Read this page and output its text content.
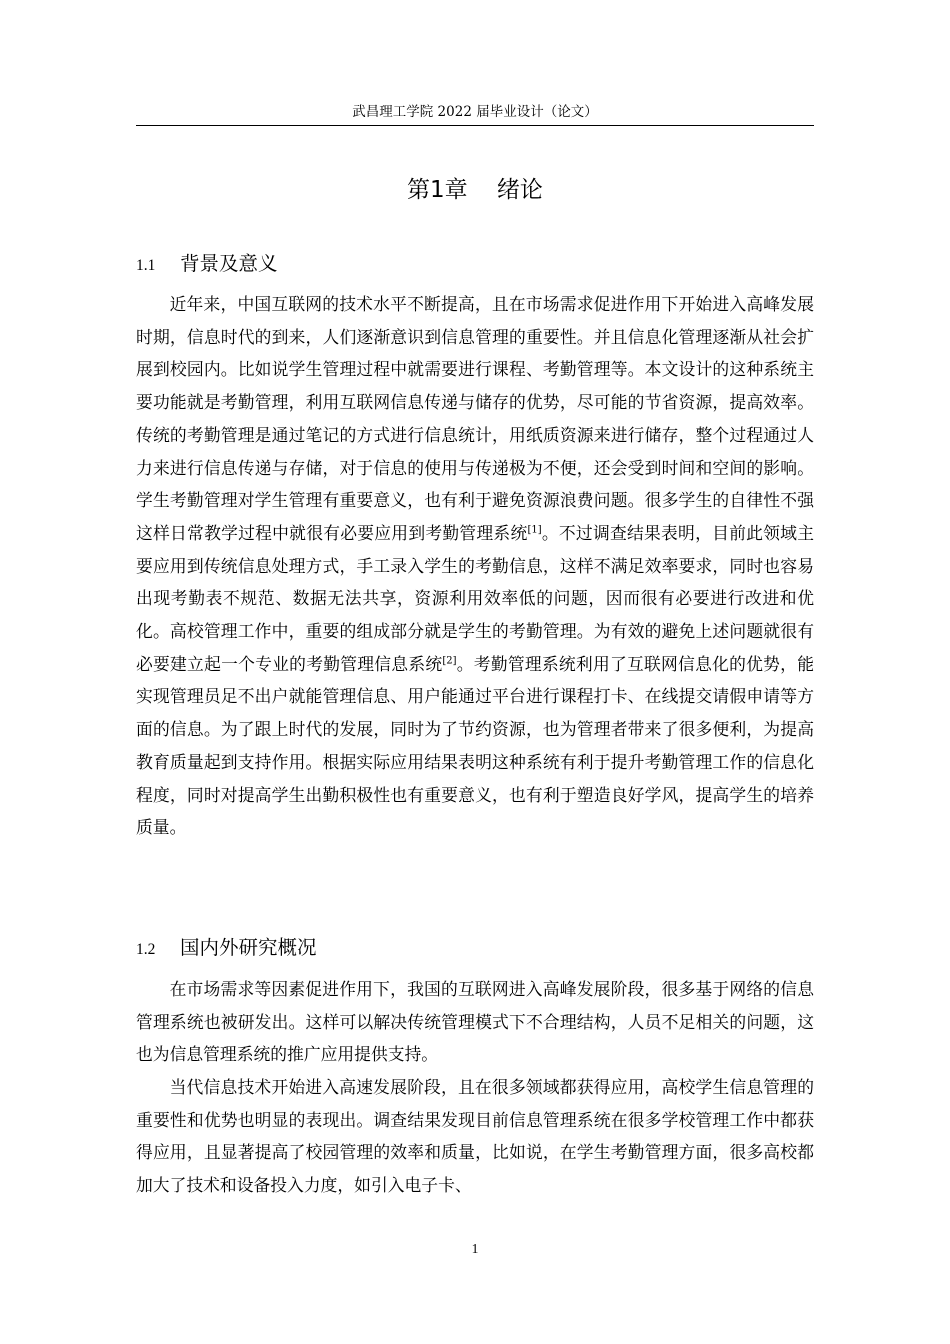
武昌理工学院 2022 届毕业设计（论文）
第1章    绪论
1.1 背景及意义

近年来，中国互联网的技术水平不断提高，且在市场需求促进作用下开始进入高峰发展时期，信息时代的到来，人们逐渐意识到信息管理的重要性。并且信息化管理逐渐从社会扩展到校园内。比如说学生管理过程中就需要进行课程、考勤管理等。本文设计的这种系统主要功能就是考勤管理，利用互联网信息传递与储存的优势，尽可能的节省资源，提高效率。传统的考勤管理是通过笔记的方式进行信息统计，用纸质资源来进行储存，整个过程通过人力来进行信息传递与存储，对于信息的使用与传递极为不便，还会受到时间和空间的影响。学生考勤管理对学生管理有重要意义，也有利于避免资源浪费问题。很多学生的自律性不强这样日常教学过程中就很有必要应用到考勤管理系统[1]。不过调查结果表明，目前此领域主要应用到传统信息处理方式，手工录入学生的考勤信息，这样不满足效率要求，同时也容易出现考勤表不规范、数据无法共享，资源利用效率低的问题，因而很有必要进行改进和优化。高校管理工作中，重要的组成部分就是学生的考勤管理。为有效的避免上述问题就很有必要建立起一个专业的考勤管理信息系统[2]。考勤管理系统利用了互联网信息化的优势，能实现管理员足不出户就能管理信息、用户能通过平台进行课程打卡、在线提交请假申请等方面的信息。为了跟上时代的发展，同时为了节约资源，也为管理者带来了很多便利，为提高教育质量起到支持作用。根据实际应用结果表明这种系统有利于提升考勤管理工作的信息化程度，同时对提高学生出勤积极性也有重要意义，也有利于塑造良好学风，提高学生的培养质量。

1.2 国内外研究概况

在市场需求等因素促进作用下，我国的互联网进入高峰发展阶段，很多基于网络的信息管理系统也被研发出。这样可以解决传统管理模式下不合理结构，人员不足相关的问题，这也为信息管理系统的推广应用提供支持。

当代信息技术开始进入高速发展阶段，且在很多领域都获得应用，高校学生信息管理的重要性和优势也明显的表现出。调查结果发现目前信息管理系统在很多学校管理工作中都获得应用，且显著提高了校园管理的效率和质量，比如说，在学生考勤管理方面，很多高校都加大了技术和设备投入力度，如引入电子卡、

1
